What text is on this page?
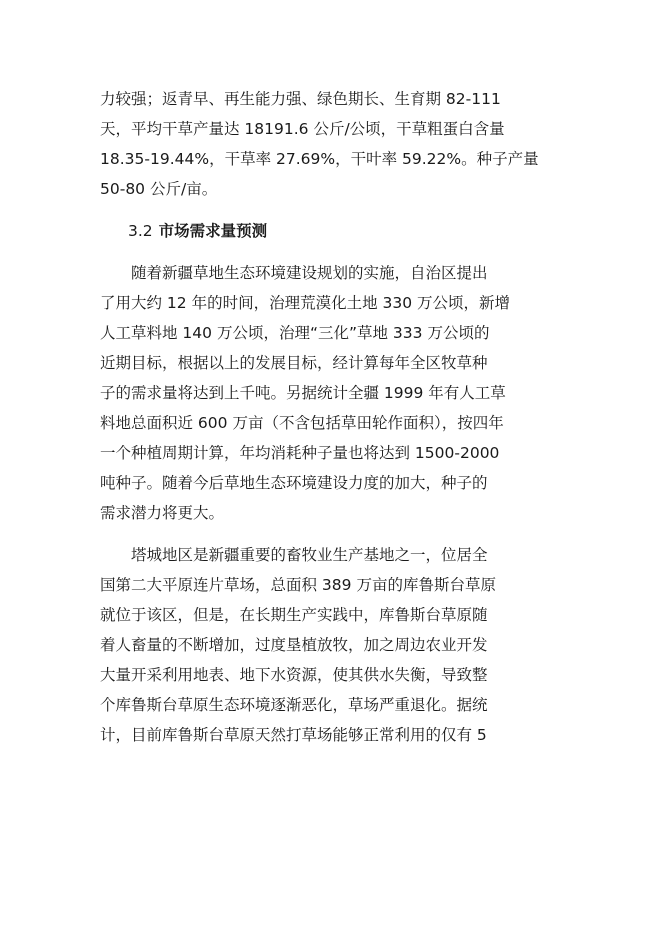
力较强；返青早、再生能力强、绿色期长、生育期 82-111
天，平均干草产量达 18191.6 公斤/公顷，干草粗蛋白含量
18.35-19.44%，干草率 27.69%，干叶率 59.22%。种子产量
50-80 公斤/亩。
3.2 市场需求量预测
随着新疆草地生态环境建设规划的实施，自治区提出
了用大约 12 年的时间，治理荒漠化土地 330 万公顷，新增
人工草料地 140 万公顷，治理“三化”草地 333 万公顷的
近期目标，根据以上的发展目标，经计算每年全区牧草种
子的需求量将达到上千吨。另据统计全疆 1999 年有人工草
料地总面积近 600 万亩（不含包括草田轮作面积），按四年
一个种植周期计算，年均消耗种子量也将达到 1500-2000
吨种子。随着今后草地生态环境建设力度的加大，种子的
需求潜力将更大。
塔城地区是新疆重要的畜牧业生产基地之一，位居全
国第二大平原连片草场，总面积 389 万亩的库鲁斯台草原
就位于该区，但是，在长期生产实践中，库鲁斯台草原随
着人畜量的不断增加，过度垦植放牧，加之周边农业开发
大量开采利用地表、地下水资源，使其供水失衡，导致整
个库鲁斯台草原生态环境逐渐恶化，草场严重退化。据统
计，目前库鲁斯台草原天然打草场能够正常利用的仅有 5
